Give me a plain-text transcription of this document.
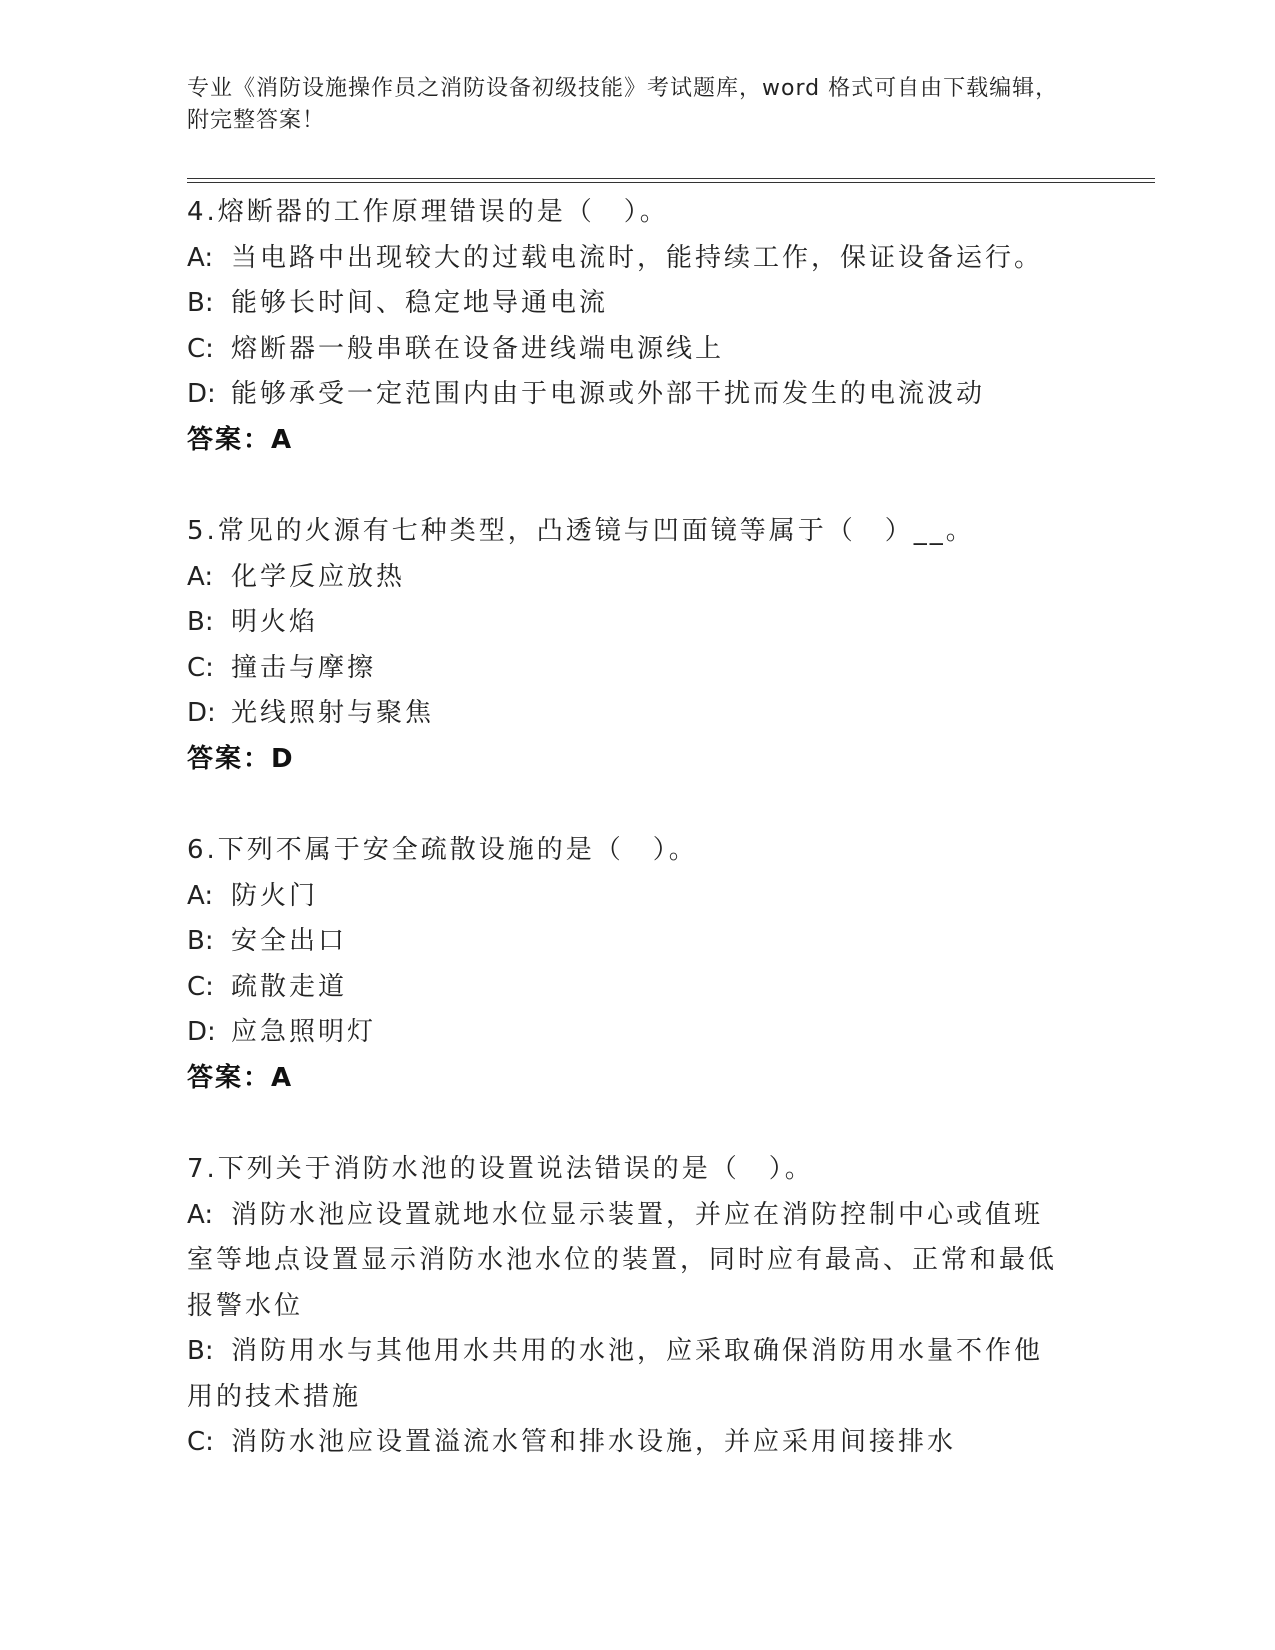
专业《消防设施操作员之消防设备初级技能》考试题库，word 格式可自由下载编辑，附完整答案！
4.熔断器的工作原理错误的是（　）。
A: 当电路中出现较大的过载电流时，能持续工作，保证设备运行。
B: 能够长时间、稳定地导通电流
C: 熔断器一般串联在设备进线端电源线上
D: 能够承受一定范围内由于电源或外部干扰而发生的电流波动
答案：A
5.常见的火源有七种类型，凸透镜与凹面镜等属于（　）__。
A: 化学反应放热
B: 明火焰
C: 撞击与摩擦
D: 光线照射与聚焦
答案：D
6.下列不属于安全疏散设施的是（　）。
A: 防火门
B: 安全出口
C: 疏散走道
D: 应急照明灯
答案：A
7.下列关于消防水池的设置说法错误的是（　）。
A: 消防水池应设置就地水位显示装置，并应在消防控制中心或值班室等地点设置显示消防水池水位的装置，同时应有最高、正常和最低报警水位
B: 消防用水与其他用水共用的水池，应采取确保消防用水量不作他用的技术措施
C: 消防水池应设置溢流水管和排水设施，并应采用间接排水
